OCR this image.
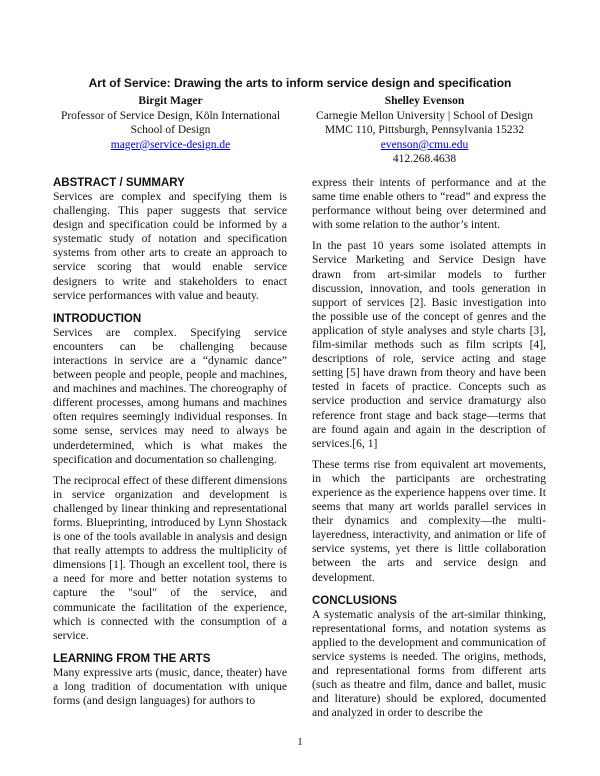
Art of Service: Drawing the arts to inform service design and specification
Birgit Mager
Professor of Service Design, Köln International
School of Design
mager@service-design.de
Shelley Evenson
Carnegie Mellon University | School of Design
MMC 110, Pittsburgh, Pennsylvania 15232
evenson@cmu.edu
412.268.4638
ABSTRACT / SUMMARY

Services are complex and specifying them is challenging. This paper suggests that service design and specification could be informed by a systematic study of notation and specification systems from other arts to create an approach to service scoring that would enable service designers to write and stakeholders to enact service performances with value and beauty.

INTRODUCTION

Services are complex. Specifying service encounters can be challenging because interactions in service are a “dynamic dance” between people and people, people and machines, and machines and machines. The choreography of different processes, among humans and machines often requires seemingly individual responses. In some sense, services may need to always be underdetermined, which is what makes the specification and documentation so challenging.

The reciprocal effect of these different dimensions in service organization and development is challenged by linear thinking and representational forms. Blueprinting, introduced by Lynn Shostack is one of the tools available in analysis and design that really attempts to address the multiplicity of dimensions [1]. Though an excellent tool, there is a need for more and better notation systems to capture the "soul" of the service, and communicate the facilitation of the experience, which is connected with the consumption of a service.

LEARNING FROM THE ARTS

Many expressive arts (music, dance, theater) have a long tradition of documentation with unique forms (and design languages) for authors to

express their intents of performance and at the same time enable others to “read” and express the performance without being over determined and with some relation to the author’s intent.

In the past 10 years some isolated attempts in Service Marketing and Service Design have drawn from art-similar models to further discussion, innovation, and tools generation in support of services [2]. Basic investigation into the possible use of the concept of genres and the application of style analyses and style charts [3], film-similar methods such as film scripts [4], descriptions of role, service acting and stage setting [5] have drawn from theory and have been tested in facets of practice. Concepts such as service production and service dramaturgy also reference front stage and back stage—terms that are found again and again in the description of services.[6, 1]

These terms rise from equivalent art movements, in which the participants are orchestrating experience as the experience happens over time. It seems that many art worlds parallel services in their dynamics and complexity—the multi-layeredness, interactivity, and animation or life of service systems, yet there is little collaboration between the arts and service design and development.

CONCLUSIONS

A systematic analysis of the art-similar thinking, representational forms, and notation systems as applied to the development and communication of service systems is needed. The origins, methods, and representational forms from different arts (such as theatre and film, dance and ballet, music and literature) should be explored, documented and analyzed in order to describe the

1
